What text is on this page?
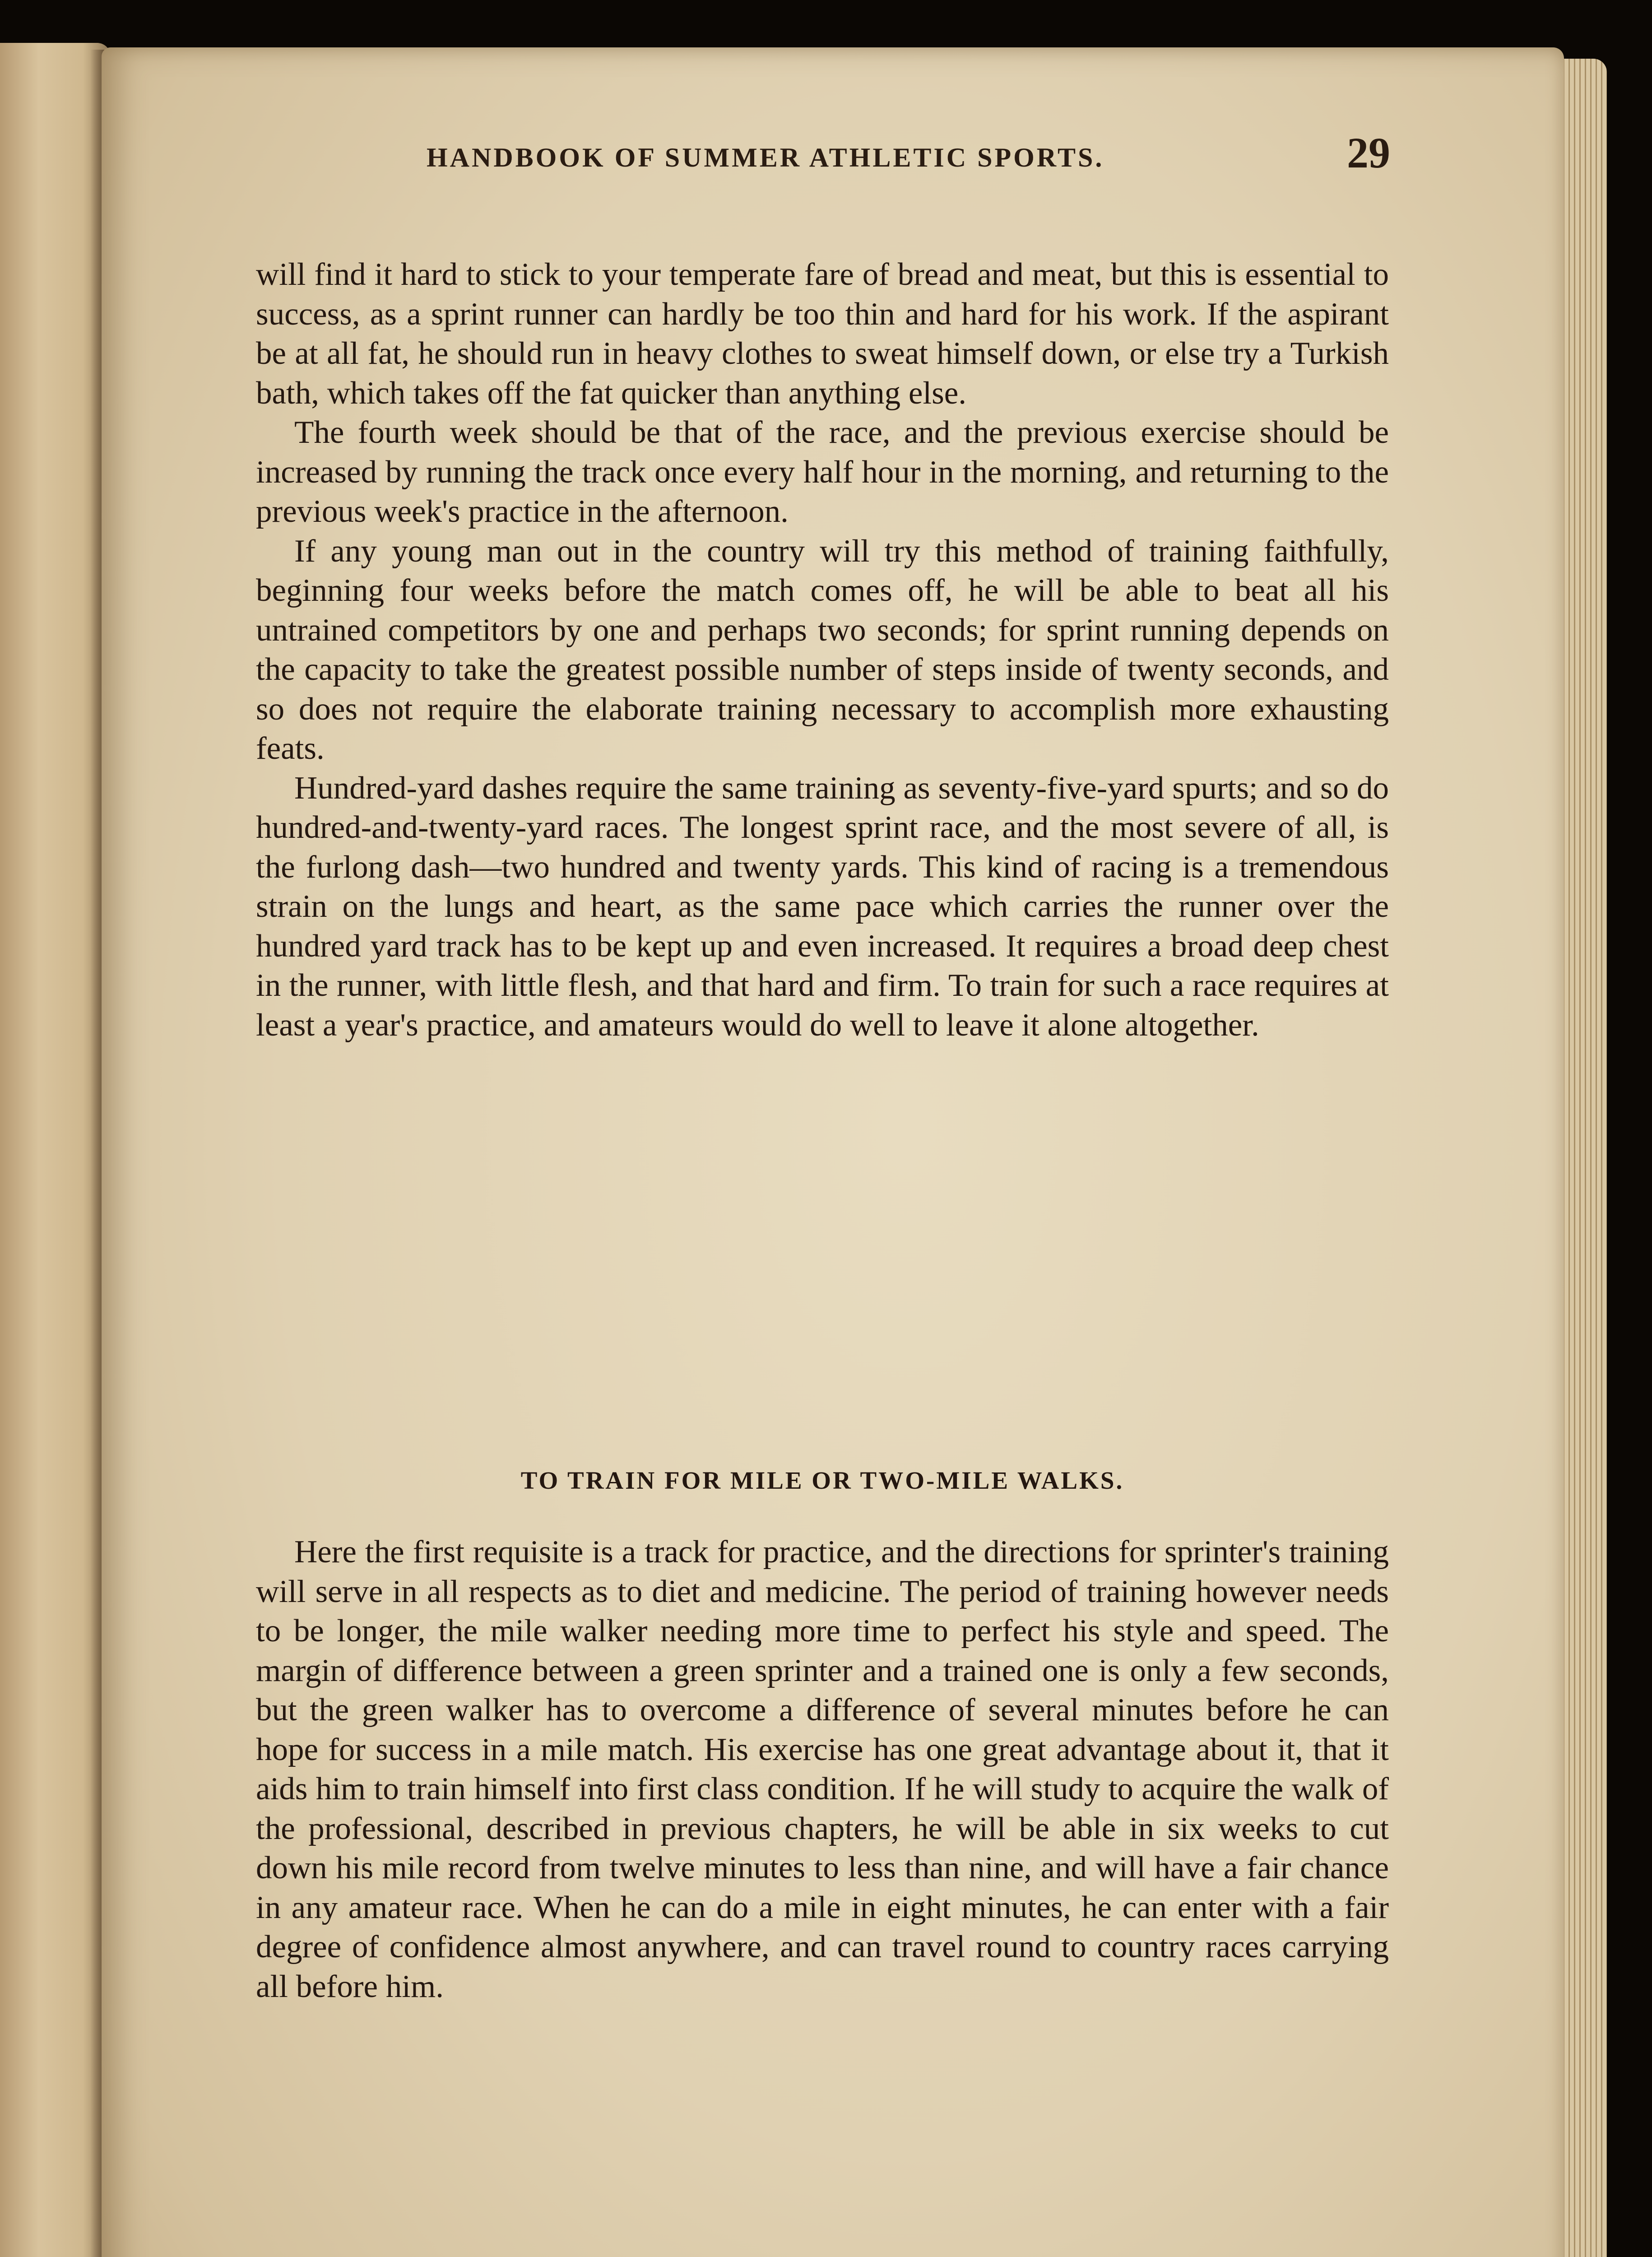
HANDBOOK OF SUMMER ATHLETIC SPORTS.	29

will find it hard to stick to your temperate fare of bread and meat, but this is essential to success, as a sprint runner can hardly be too thin and hard for his work. If the aspirant be at all fat, he should run in heavy clothes to sweat himself down, or else try a Turkish bath, which takes off the fat quicker than anything else.

The fourth week should be that of the race, and the previous exercise should be increased by running the track once every half hour in the morning, and returning to the previous week's practice in the afternoon.

If any young man out in the country will try this method of training faithfully, beginning four weeks before the match comes off, he will be able to beat all his untrained competitors by one and perhaps two seconds; for sprint running depends on the capacity to take the greatest possible number of steps inside of twenty seconds, and so does not require the elaborate training necessary to accomplish more exhausting feats.

Hundred-yard dashes require the same training as seventy-five-yard spurts; and so do hundred-and-twenty-yard races. The longest sprint race, and the most severe of all, is the furlong dash—two hundred and twenty yards. This kind of racing is a tremendous strain on the lungs and heart, as the same pace which carries the runner over the hundred yard track has to be kept up and even increased. It requires a broad deep chest in the runner, with little flesh, and that hard and firm. To train for such a race requires at least a year's practice, and amateurs would do well to leave it alone altogether.

TO TRAIN FOR MILE OR TWO-MILE WALKS.

Here the first requisite is a track for practice, and the directions for sprinter's training will serve in all respects as to diet and medicine. The period of training however needs to be longer, the mile walker needing more time to perfect his style and speed. The margin of difference between a green sprinter and a trained one is only a few seconds, but the green walker has to overcome a difference of several minutes before he can hope for success in a mile match. His exercise has one great advantage about it, that it aids him to train himself into first class condition. If he will study to acquire the walk of the professional, described in previous chapters, he will be able in six weeks to cut down his mile record from twelve minutes to less than nine, and will have a fair chance in any amateur race. When he can do a mile in eight minutes, he can enter with a fair degree of confidence almost anywhere, and can travel round to country races carrying all before him.
